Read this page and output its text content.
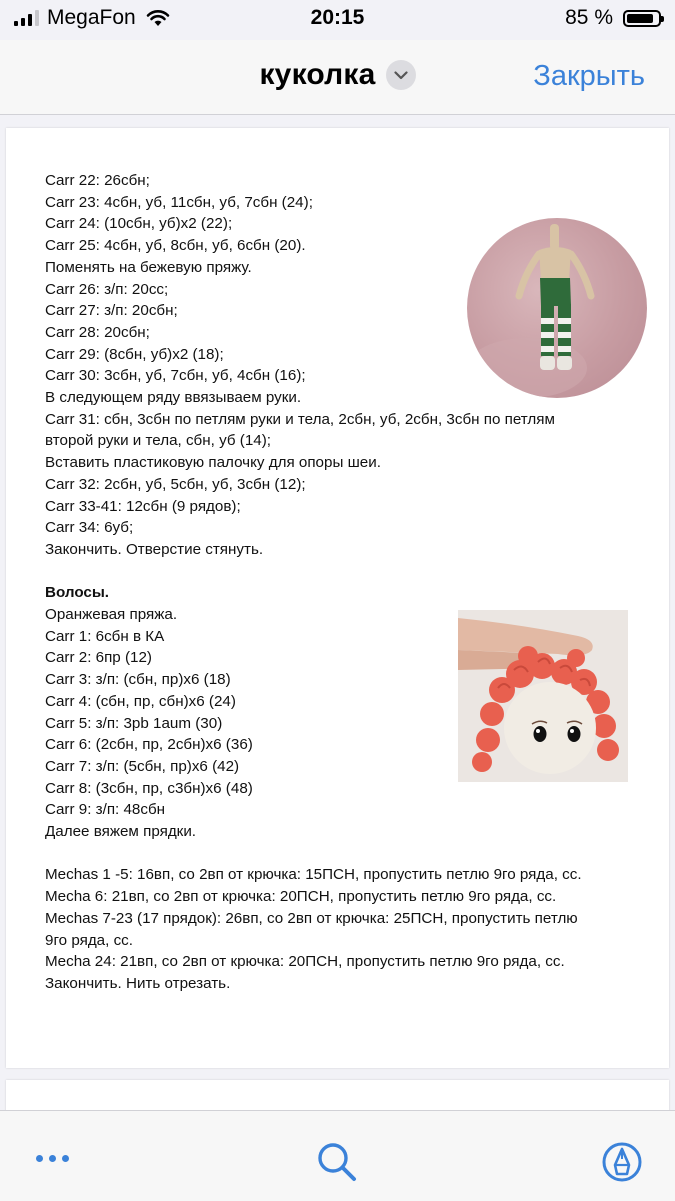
MegaFon	20:15	85 %
куколка	Закрыть
Carr 22: 26сбн;
Carr 23: 4сбн, уб, 11сбн, уб, 7сбн (24);
Carr 24: (10сбн, уб)х2 (22);
Carr 25: 4сбн, уб, 8сбн, уб, 6сбн (20).
Поменять на бежевую пряжу.
Carr 26: з/п: 20сс;
Carr 27: з/п: 20сбн;
Carr 28: 20сбн;
Carr 29: (8сбн, уб)х2 (18);
Carr 30: 3сбн, уб, 7сбн, уб, 4сбн (16);
В следующем ряду ввязываем руки.
Carr 31: сбн, 3сбн по петлям руки и тела, 2сбн, уб, 2сбн, 3сбн по петлям
второй руки и тела, сбн, уб (14);
Вставить пластиковую палочку для опоры шеи.
Carr 32: 2сбн, уб, 5сбн, уб, 3сбн (12);
Carr 33-41: 12сбн (9 рядов);
Carr 34: 6уб;
Закончить. Отверстие стянуть.
Волосы.
Оранжевая пряжа.
Carr 1: 6сбн в КА
Carr 2: 6пр (12)
Carr 3: з/п: (сбн, пр)х6 (18)
Carr 4: (сбн, пр, сбн)х6 (24)
Carr 5: з/п: 3pb 1aum (30)
Carr 6: (2сбн, пр, 2сбн)х6 (36)
Carr 7: з/п: (5сбн, пр)х6 (42)
Carr 8: (3сбн, пр, с3бн)х6 (48)
Carr 9: з/п: 48сбн
Далее вяжем прядки.
Mechas 1 -5: 16вп, со 2вп от крючка: 15ПСН, пропустить петлю 9го ряда, сс.
Mecha 6: 21вп, со 2вп от крючка: 20ПСН, пропустить петлю 9го ряда, сс.
Mechas 7-23 (17 прядок): 26вп, со 2вп от крючка: 25ПСН, пропустить петлю
9го ряда, сс.
Mecha 24: 21вп, со 2вп от крючка: 20ПСН, пропустить петлю 9го ряда, сс.
Закончить. Нить отрезать.
